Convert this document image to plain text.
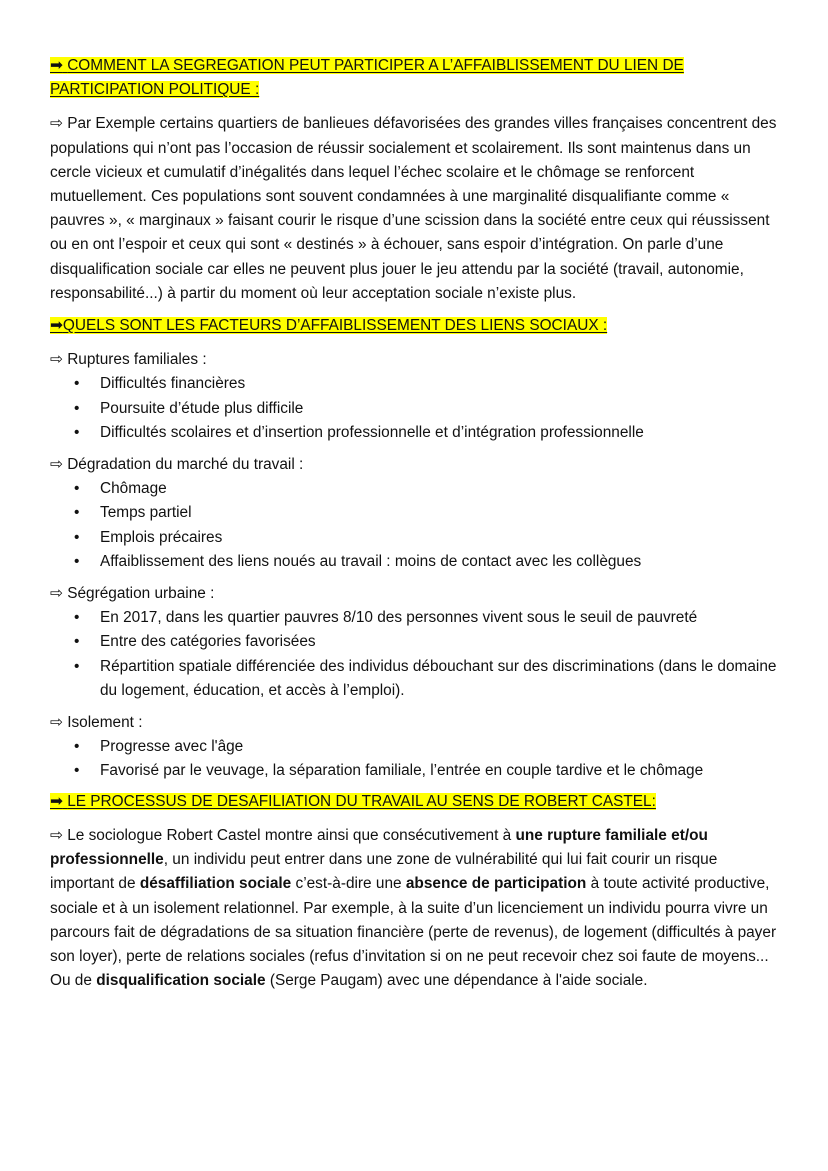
➡ COMMENT LA SEGREGATION PEUT PARTICIPER A L’AFFAIBLISSEMENT DU LIEN DE PARTICIPATION POLITIQUE :

⇨ Par Exemple certains quartiers de banlieues défavorisées des grandes villes françaises concentrent des populations qui n’ont pas l’occasion de réussir socialement et scolairement. Ils sont maintenus dans un cercle vicieux et cumulatif d’inégalités dans lequel l’échec scolaire et le chômage se renforcent mutuellement. Ces populations sont souvent condamnées à une marginalité disqualifiante comme « pauvres », « marginaux » faisant courir le risque d’une scission dans la société entre ceux qui réussissent ou en ont l’espoir et ceux qui sont « destinés » à échouer, sans espoir d’intégration. On parle d’une disqualification sociale car elles ne peuvent plus jouer le jeu attendu par la société (travail, autonomie, responsabilité...) à partir du moment où leur acceptation sociale n’existe plus.

➡QUELS SONT LES FACTEURS D’AFFAIBLISSEMENT DES LIENS SOCIAUX :

⇨ Ruptures familiales :

• Difficultés financières
• Poursuite d’étude plus difficile
• Difficultés scolaires et d’insertion professionnelle et d’intégration professionnelle

⇨ Dégradation du marché du travail :

• Chômage
• Temps partiel
• Emplois précaires
• Affaiblissement des liens noués au travail : moins de contact avec les collègues

⇨ Ségrégation urbaine :

• En 2017, dans les quartier pauvres 8/10 des personnes vivent sous le seuil de pauvreté
• Entre des catégories favorisées
• Répartition spatiale différenciée des individus débouchant sur des discriminations (dans le domaine du logement, éducation, et accès à l’emploi).

⇨ Isolement :

• Progresse avec l'âge
• Favorisé par le veuvage, la séparation familiale, l’entrée en couple tardive et le chômage
➡ LE PROCESSUS DE DESAFILIATION DU TRAVAIL AU SENS DE ROBERT CASTEL:

⇨ Le sociologue Robert Castel montre ainsi que consécutivement à une rupture familiale et/ou professionnelle, un individu peut entrer dans une zone de vulnérabilité qui lui fait courir un risque important de désaffiliation sociale c’est-à-dire une absence de participation à toute activité productive, sociale et à un isolement relationnel. Par exemple, à la suite d’un licenciement un individu pourra vivre un parcours fait de dégradations de sa situation financière (perte de revenus), de logement (difficultés à payer son loyer), perte de relations sociales (refus d’invitation si on ne peut recevoir chez soi faute de moyens... Ou de disqualification sociale (Serge Paugam) avec une dépendance à l'aide sociale.
